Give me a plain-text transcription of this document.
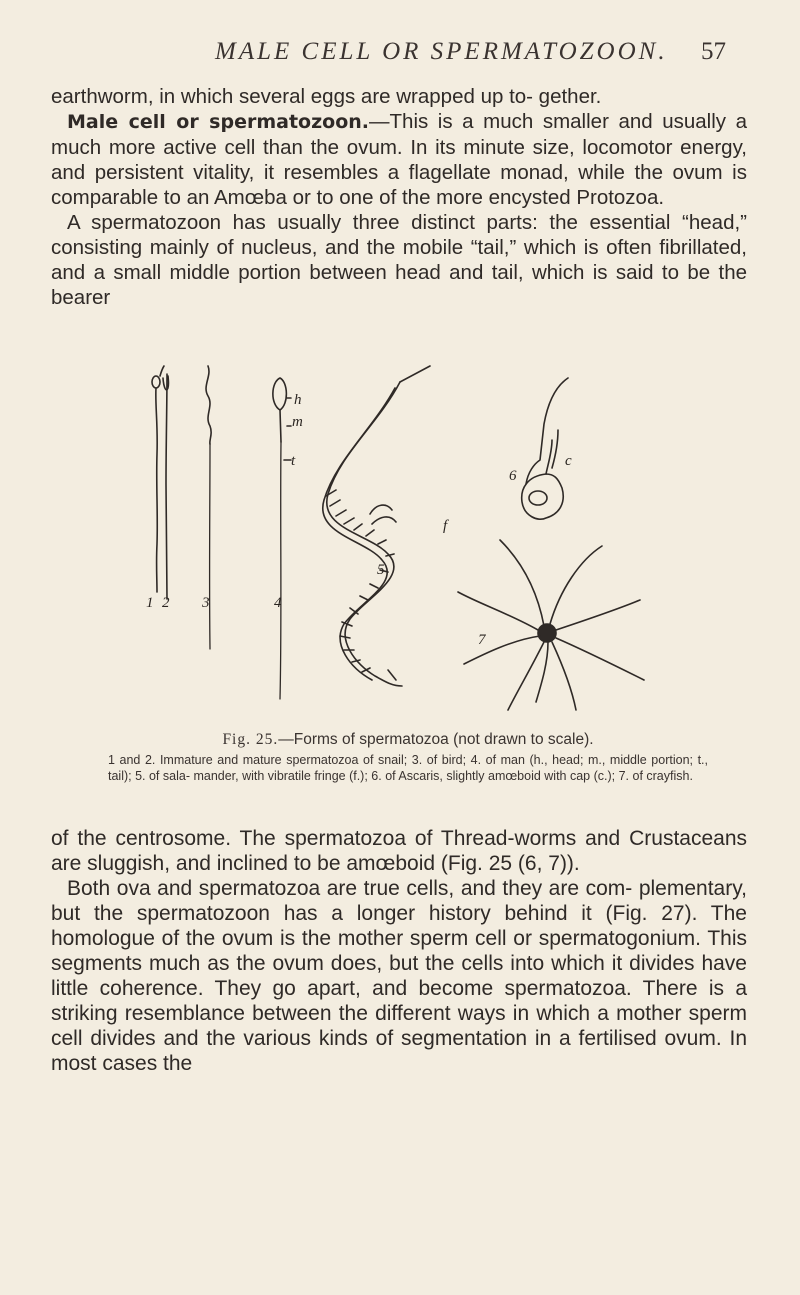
MALE CELL OR SPERMATOZOON. 57

earthworm, in which several eggs are wrapped up to- gether.

Male cell or spermatozoon.—This is a much smaller and usually a much more active cell than the ovum. In its minute size, locomotor energy, and persistent vitality, it resembles a flagellate monad, while the ovum is comparable to an Amœba or to one of the more encysted Protozoa.

A spermatozoon has usually three distinct parts: the essential “head,” consisting mainly of nucleus, and the mobile “tail,” which is often fibrillated, and a small middle portion between head and tail, which is said to be the bearer

1 2 3	4
5
6
7
h
m
t
f
c

Fig. 25.—Forms of spermatozoa (not drawn to scale).

1 and 2. Immature and mature spermatozoa of snail; 3. of bird; 4. of man (h., head; m., middle portion; t., tail); 5. of sala- mander, with vibratile fringe (f.); 6. of Ascaris, slightly amœboid with cap (c.); 7. of crayfish.

of the centrosome. The spermatozoa of Thread-worms and Crustaceans are sluggish, and inclined to be amœboid (Fig. 25 (6, 7)).

Both ova and spermatozoa are true cells, and they are com- plementary, but the spermatozoon has a longer history behind it (Fig. 27). The homologue of the ovum is the mother sperm cell or spermatogonium. This segments much as the ovum does, but the cells into which it divides have little coherence. They go apart, and become spermatozoa. There is a striking resemblance between the different ways in which a mother sperm cell divides and the various kinds of segmentation in a fertilised ovum. In most cases the
